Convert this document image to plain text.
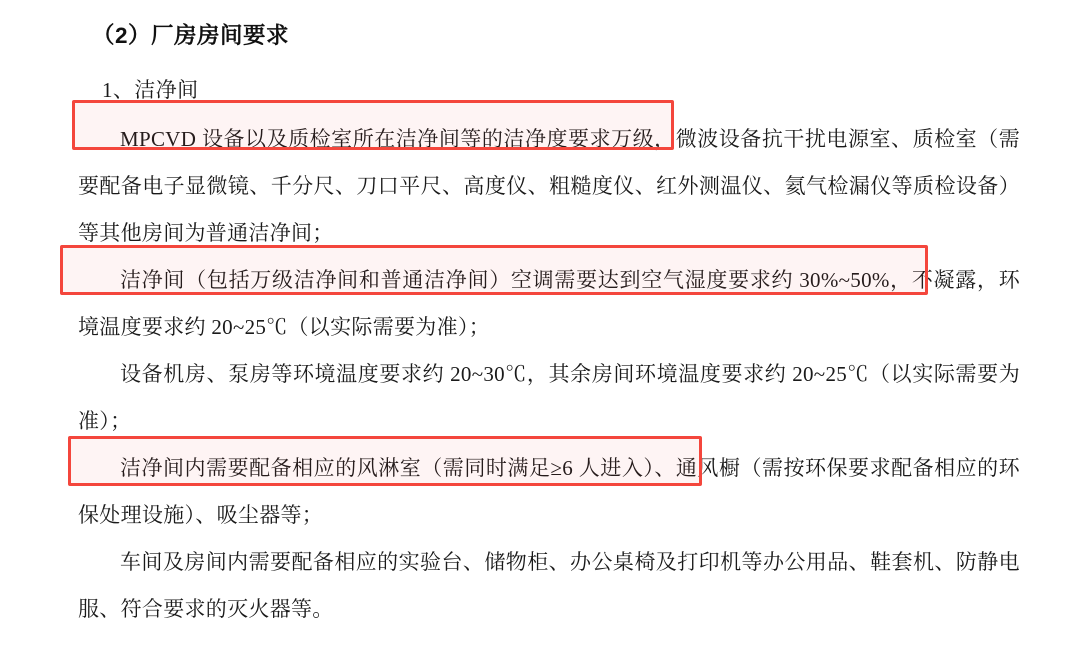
（2）厂房房间要求
1、洁净间

MPCVD 设备以及质检室所在洁净间等的洁净度要求万级，微波设备抗干扰电源室、质检室（需要配备电子显微镜、千分尺、刀口平尺、高度仪、粗糙度仪、红外测温仪、氦气检漏仪等质检设备）等其他房间为普通洁净间；

洁净间（包括万级洁净间和普通洁净间）空调需要达到空气湿度要求约 30%~50%，不凝露，环境温度要求约 20~25℃（以实际需要为准）；

设备机房、泵房等环境温度要求约 20~30℃，其余房间环境温度要求约 20~25℃（以实际需要为准）；

洁净间内需要配备相应的风淋室（需同时满足≥6 人进入）、通风橱（需按环保要求配备相应的环保处理设施）、吸尘器等；

车间及房间内需要配备相应的实验台、储物柜、办公桌椅及打印机等办公用品、鞋套机、防静电服、符合要求的灭火器等。
